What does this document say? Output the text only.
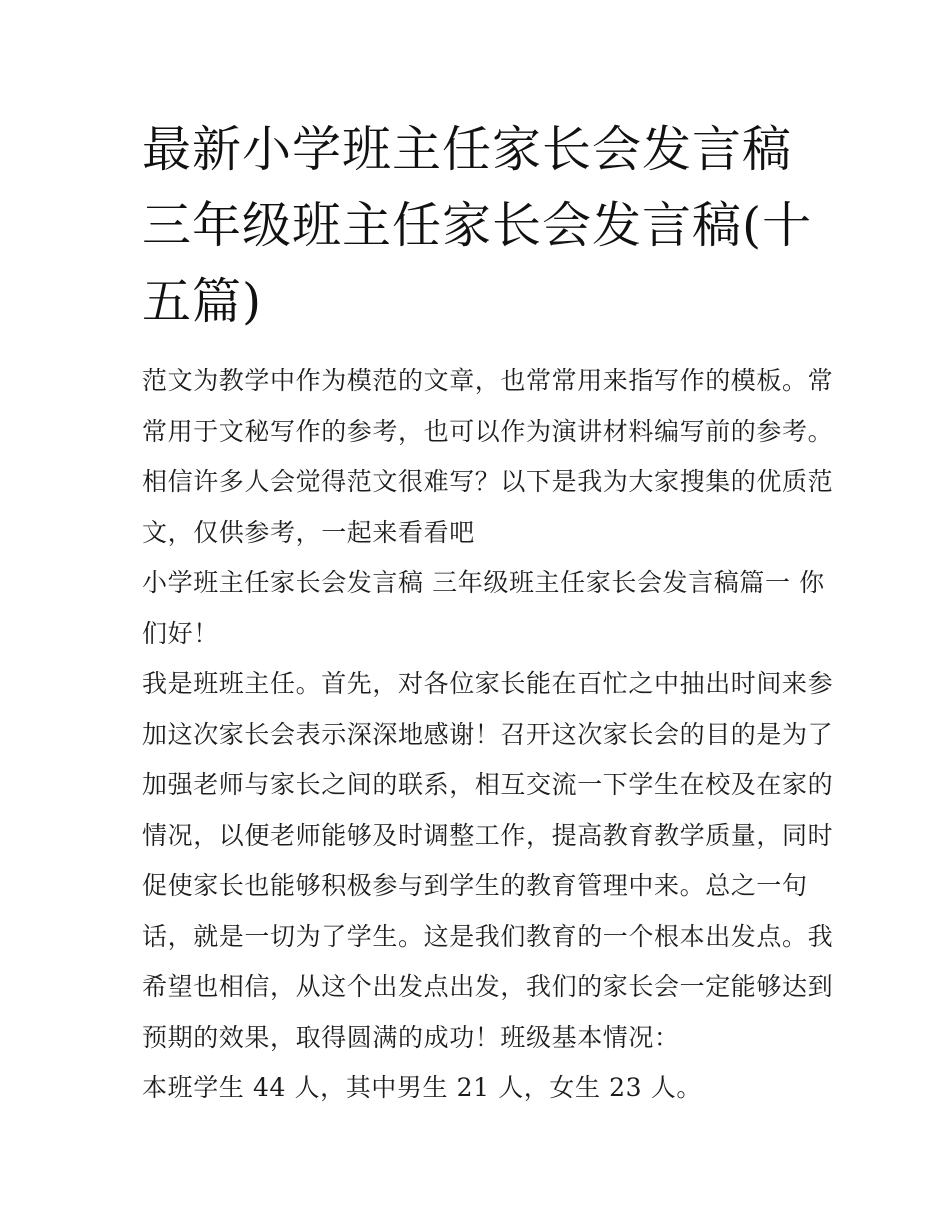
最新小学班主任家长会发言稿
三年级班主任家长会发言稿(十
五篇)

范文为教学中作为模范的文章，也常常用来指写作的模板。常
常用于文秘写作的参考，也可以作为演讲材料编写前的参考。
相信许多人会觉得范文很难写？以下是我为大家搜集的优质范
文，仅供参考，一起来看看吧

小学班主任家长会发言稿 三年级班主任家长会发言稿篇一 你
们好！

我是班班主任。首先，对各位家长能在百忙之中抽出时间来参
加这次家长会表示深深地感谢！召开这次家长会的目的是为了
加强老师与家长之间的联系，相互交流一下学生在校及在家的
情况，以便老师能够及时调整工作，提高教育教学质量，同时
促使家长也能够积极参与到学生的教育管理中来。总之一句
话，就是一切为了学生。这是我们教育的一个根本出发点。我
希望也相信，从这个出发点出发，我们的家长会一定能够达到
预期的效果，取得圆满的成功！班级基本情况：

本班学生 44 人，其中男生 21 人，女生 23 人。
